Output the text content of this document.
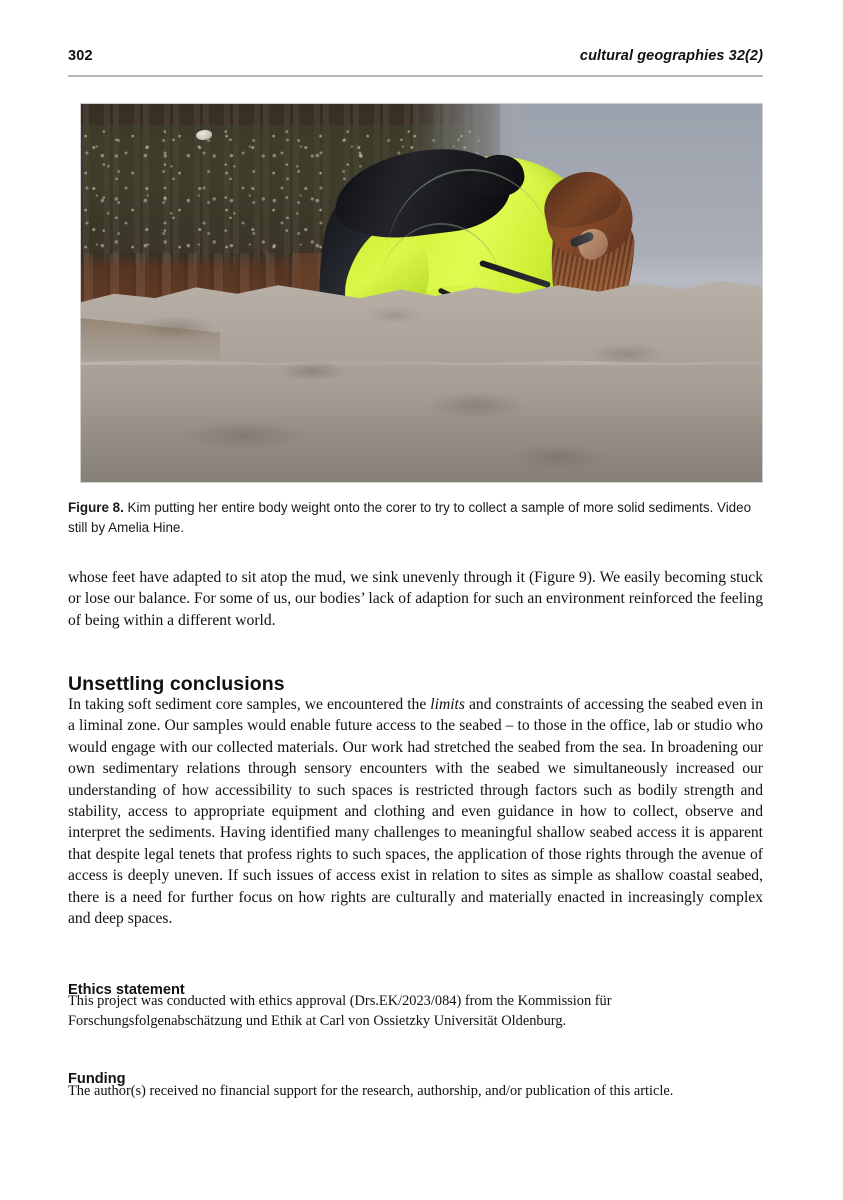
302	cultural geographies 32(2)
Figure 8. Kim putting her entire body weight onto the corer to try to collect a sample of more solid sediments. Video still by Amelia Hine.
whose feet have adapted to sit atop the mud, we sink unevenly through it (Figure 9). We easily becoming stuck or lose our balance. For some of us, our bodies’ lack of adaption for such an environment reinforced the feeling of being within a different world.
Unsettling conclusions
In taking soft sediment core samples, we encountered the limits and constraints of accessing the seabed even in a liminal zone. Our samples would enable future access to the seabed – to those in the office, lab or studio who would engage with our collected materials. Our work had stretched the seabed from the sea. In broadening our own sedimentary relations through sensory encounters with the seabed we simultaneously increased our understanding of how accessibility to such spaces is restricted through factors such as bodily strength and stability, access to appropriate equipment and clothing and even guidance in how to collect, observe and interpret the sediments. Having identified many challenges to meaningful shallow seabed access it is apparent that despite legal tenets that profess rights to such spaces, the application of those rights through the avenue of access is deeply uneven. If such issues of access exist in relation to sites as simple as shallow coastal seabed, there is a need for further focus on how rights are culturally and materially enacted in increasingly complex and deep spaces.
Ethics statement
This project was conducted with ethics approval (Drs.EK/2023/084) from the Kommission für Forschungsfolgenabschätzung und Ethik at Carl von Ossietzky Universität Oldenburg.
Funding
The author(s) received no financial support for the research, authorship, and/or publication of this article.
